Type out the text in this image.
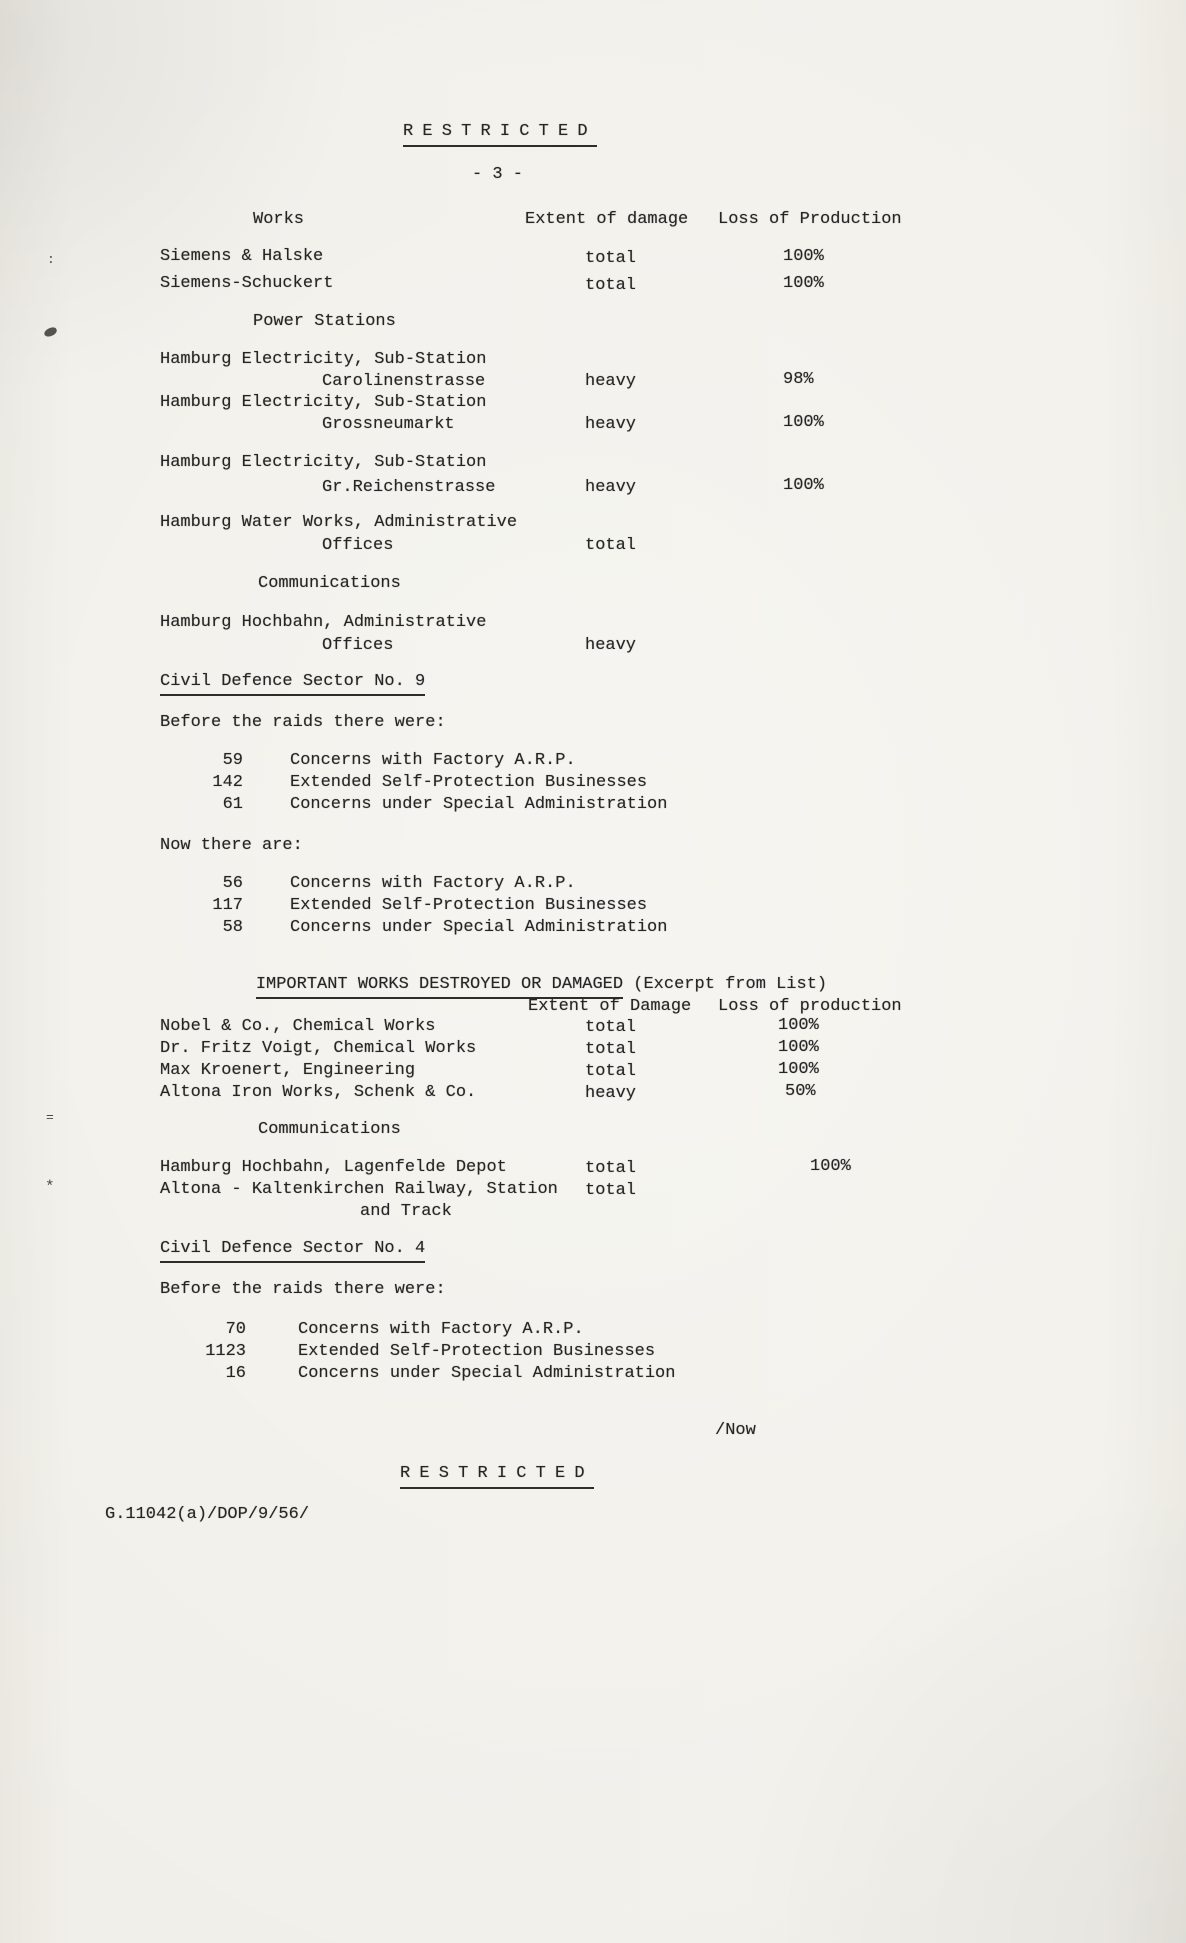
:
=
*
RESTRICTED
- 3 -
Works	Extent of damage Loss of Production
Siemens & Halske	total	100%
Siemens-Schuckert	total	100%
Power Stations
Hamburg Electricity, Sub-Station
Carolinenstrasse	heavy	98%
Hamburg Electricity, Sub-Station
Grossneumarkt	heavy	100%
Hamburg Electricity, Sub-Station
Gr.Reichenstrasse	heavy	100%
Hamburg Water Works, Administrative
Offices	total
Communications
Hamburg Hochbahn, Administrative
Offices	heavy
Civil Defence Sector No. 9
Before the raids there were:
59	Concerns with Factory A.R.P.
142	Extended Self-Protection Businesses
61	Concerns under Special Administration
Now there are:
56	Concerns with Factory A.R.P.
117	Extended Self-Protection Businesses
58	Concerns under Special Administration

IMPORTANT WORKS DESTROYED OR DAMAGED (Excerpt from List)

Extent of Damage Loss of production
Nobel & Co., Chemical Works	total	100%
Dr. Fritz Voigt, Chemical Works	total	100%
Max Kroenert, Engineering	total	100%
Altona Iron Works, Schenk & Co.	heavy	50%
Communications
Hamburg Hochbahn, Lagenfelde Depot	total	100%
Altona - Kaltenkirchen Railway, Station total
and Track
Civil Defence Sector No. 4
Before the raids there were:
70	Concerns with Factory A.R.P.
1123	Extended Self-Protection Businesses
16	Concerns under Special Administration
/Now
RESTRICTED
G.11042(a)/DOP/9/56/
